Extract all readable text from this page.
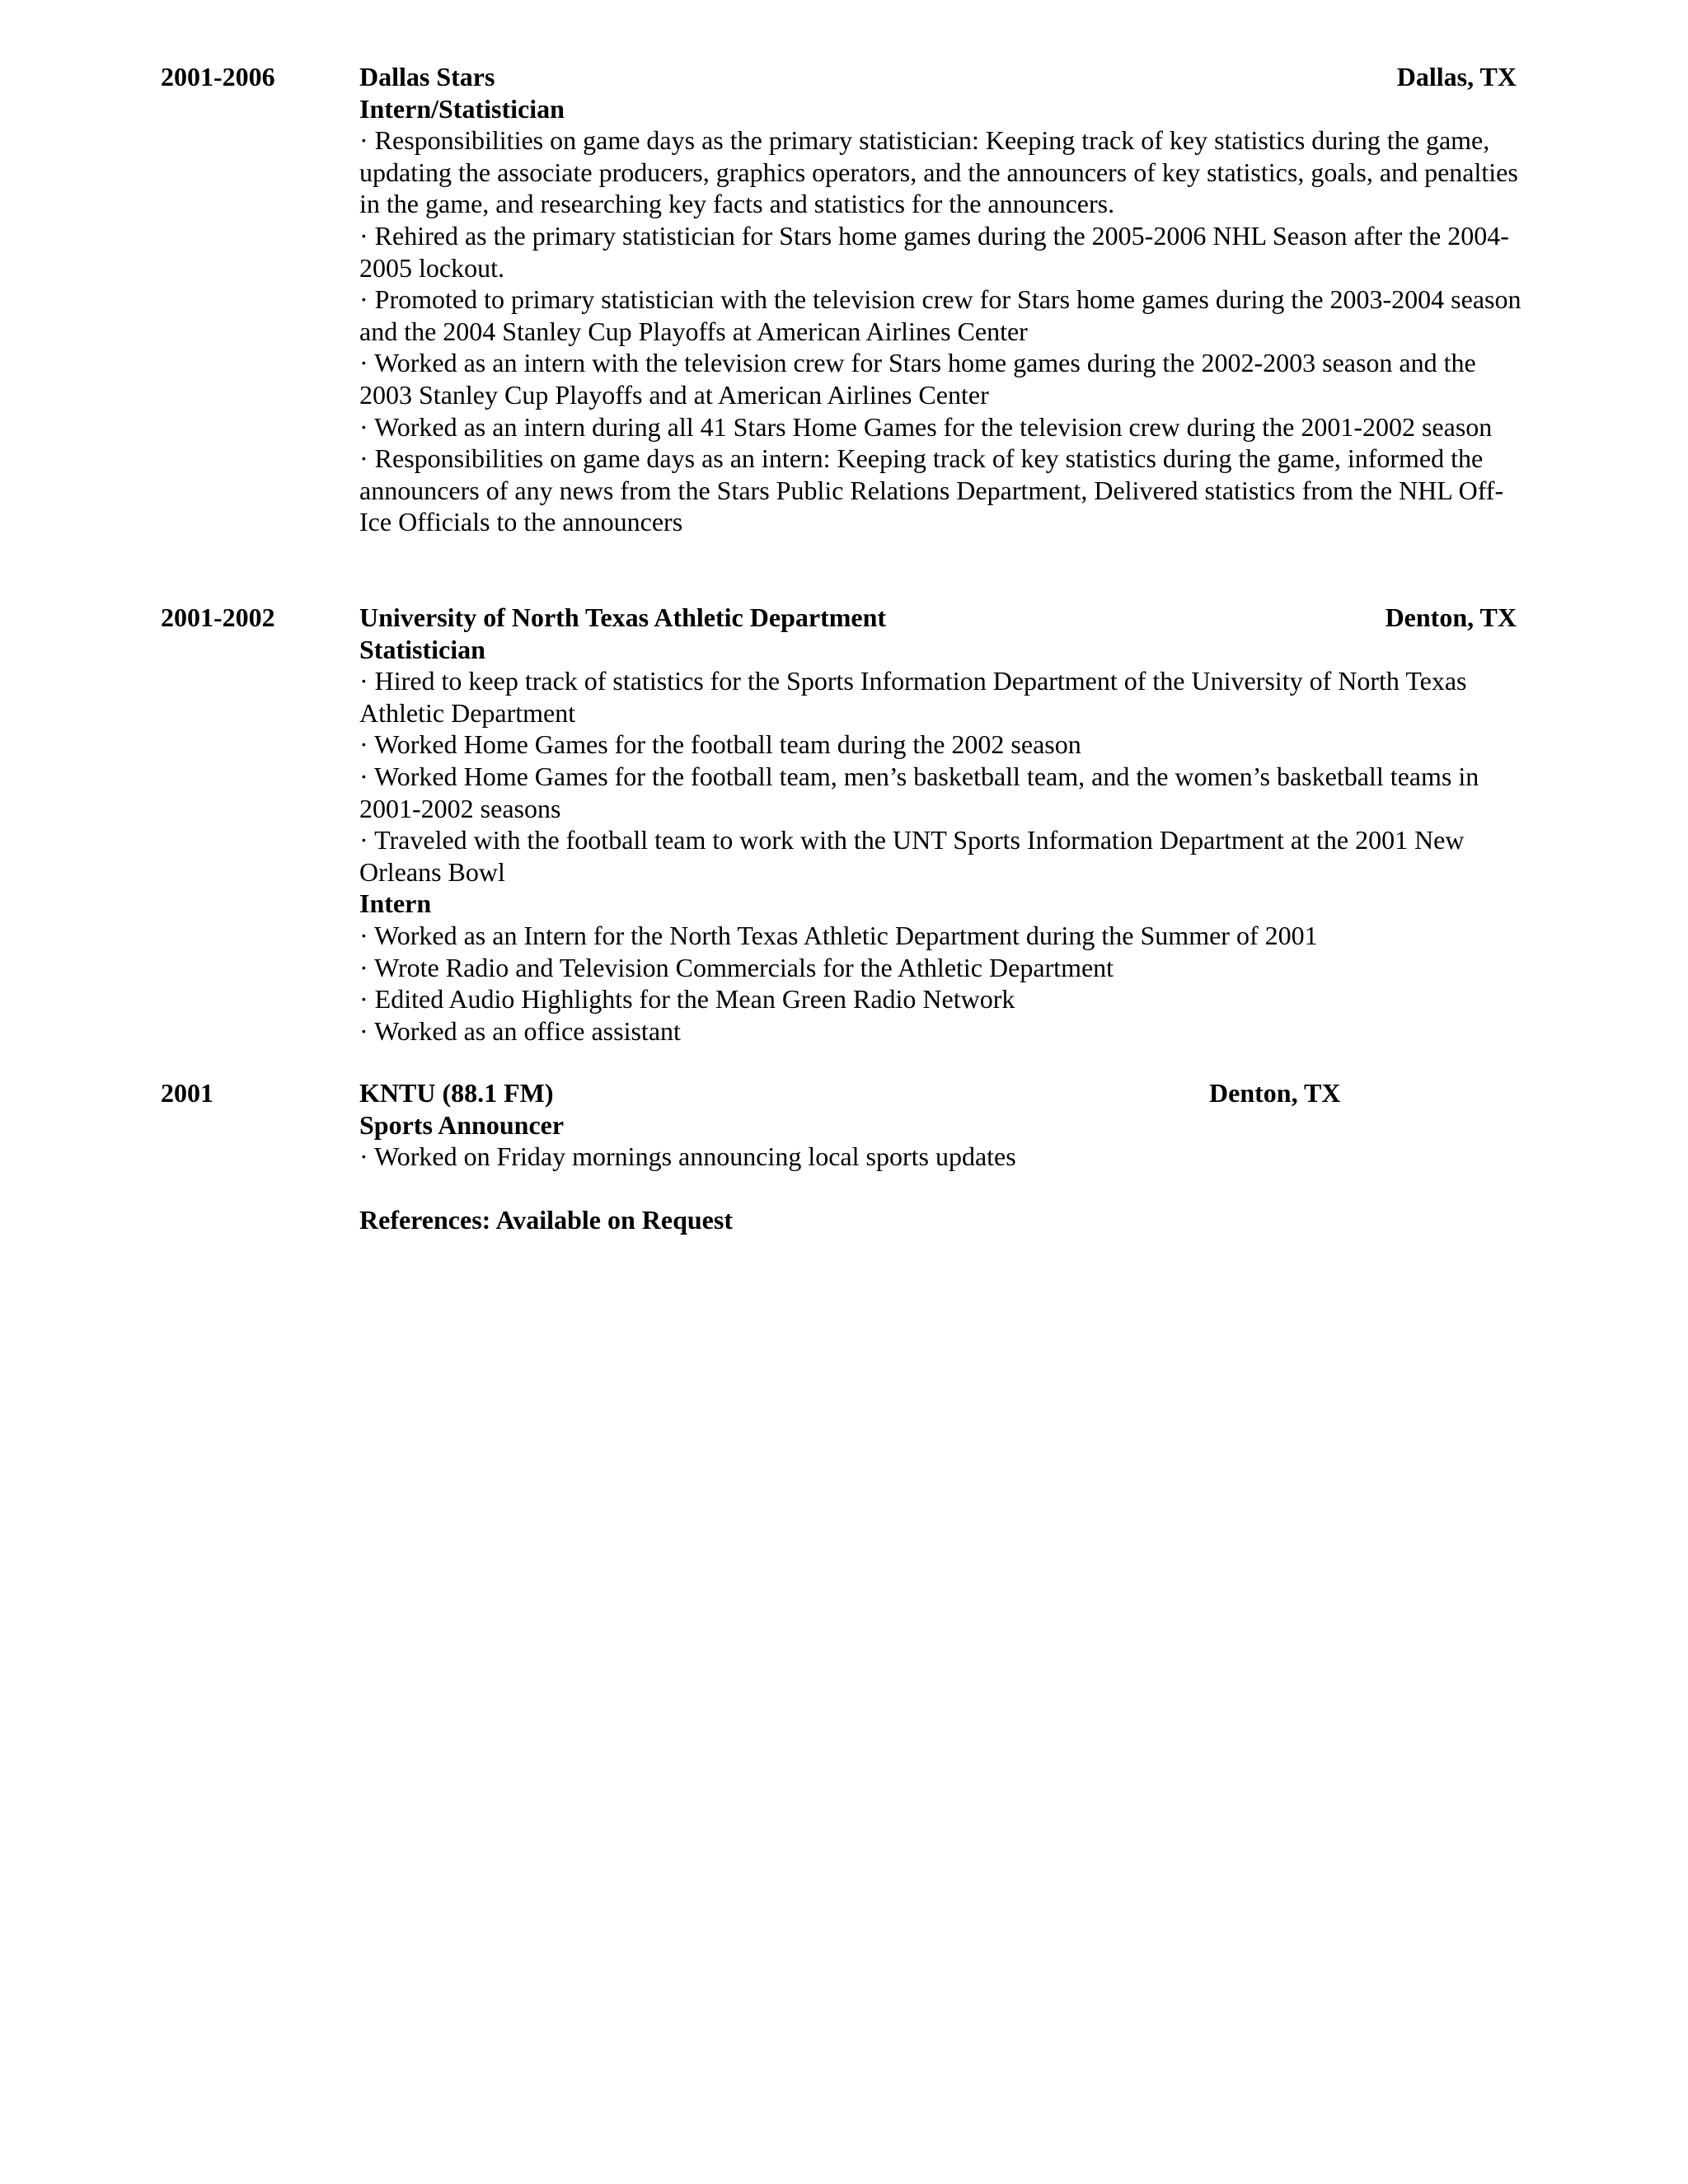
2001-2006	Dallas Stars	Dallas, TX

Intern/Statistician

· Responsibilities on game days as the primary statistician: Keeping track of key statistics during the game, updating the associate producers, graphics operators, and the announcers of key statistics, goals, and penalties in the game, and researching key facts and statistics for the announcers.

· Rehired as the primary statistician for Stars home games during the 2005-2006 NHL Season after the 2004-2005 lockout.

· Promoted to primary statistician with the television crew for Stars home games during the 2003-2004 season and the 2004 Stanley Cup Playoffs at American Airlines Center

· Worked as an intern with the television crew for Stars home games during the 2002-2003 season and the 2003 Stanley Cup Playoffs and at American Airlines Center

· Worked as an intern during all 41 Stars Home Games for the television crew during the 2001-2002 season

· Responsibilities on game days as an intern: Keeping track of key statistics during the game, informed the announcers of any news from the Stars Public Relations Department, Delivered statistics from the NHL Off-Ice Officials to the announcers

2001-2002	University of North Texas Athletic Department	Denton, TX

Statistician

· Hired to keep track of statistics for the Sports Information Department of the University of North Texas Athletic Department

· Worked Home Games for the football team during the 2002 season

· Worked Home Games for the football team, men’s basketball team, and the women’s basketball teams in 2001-2002 seasons

· Traveled with the football team to work with the UNT Sports Information Department at the 2001 New Orleans Bowl

Intern

· Worked as an Intern for the North Texas Athletic Department during the Summer of 2001

· Wrote Radio and Television Commercials for the Athletic Department

· Edited Audio Highlights for the Mean Green Radio Network

· Worked as an office assistant

2001	KNTU (88.1 FM)	Denton, TX

Sports Announcer

· Worked on Friday mornings announcing local sports updates

References: Available on Request
